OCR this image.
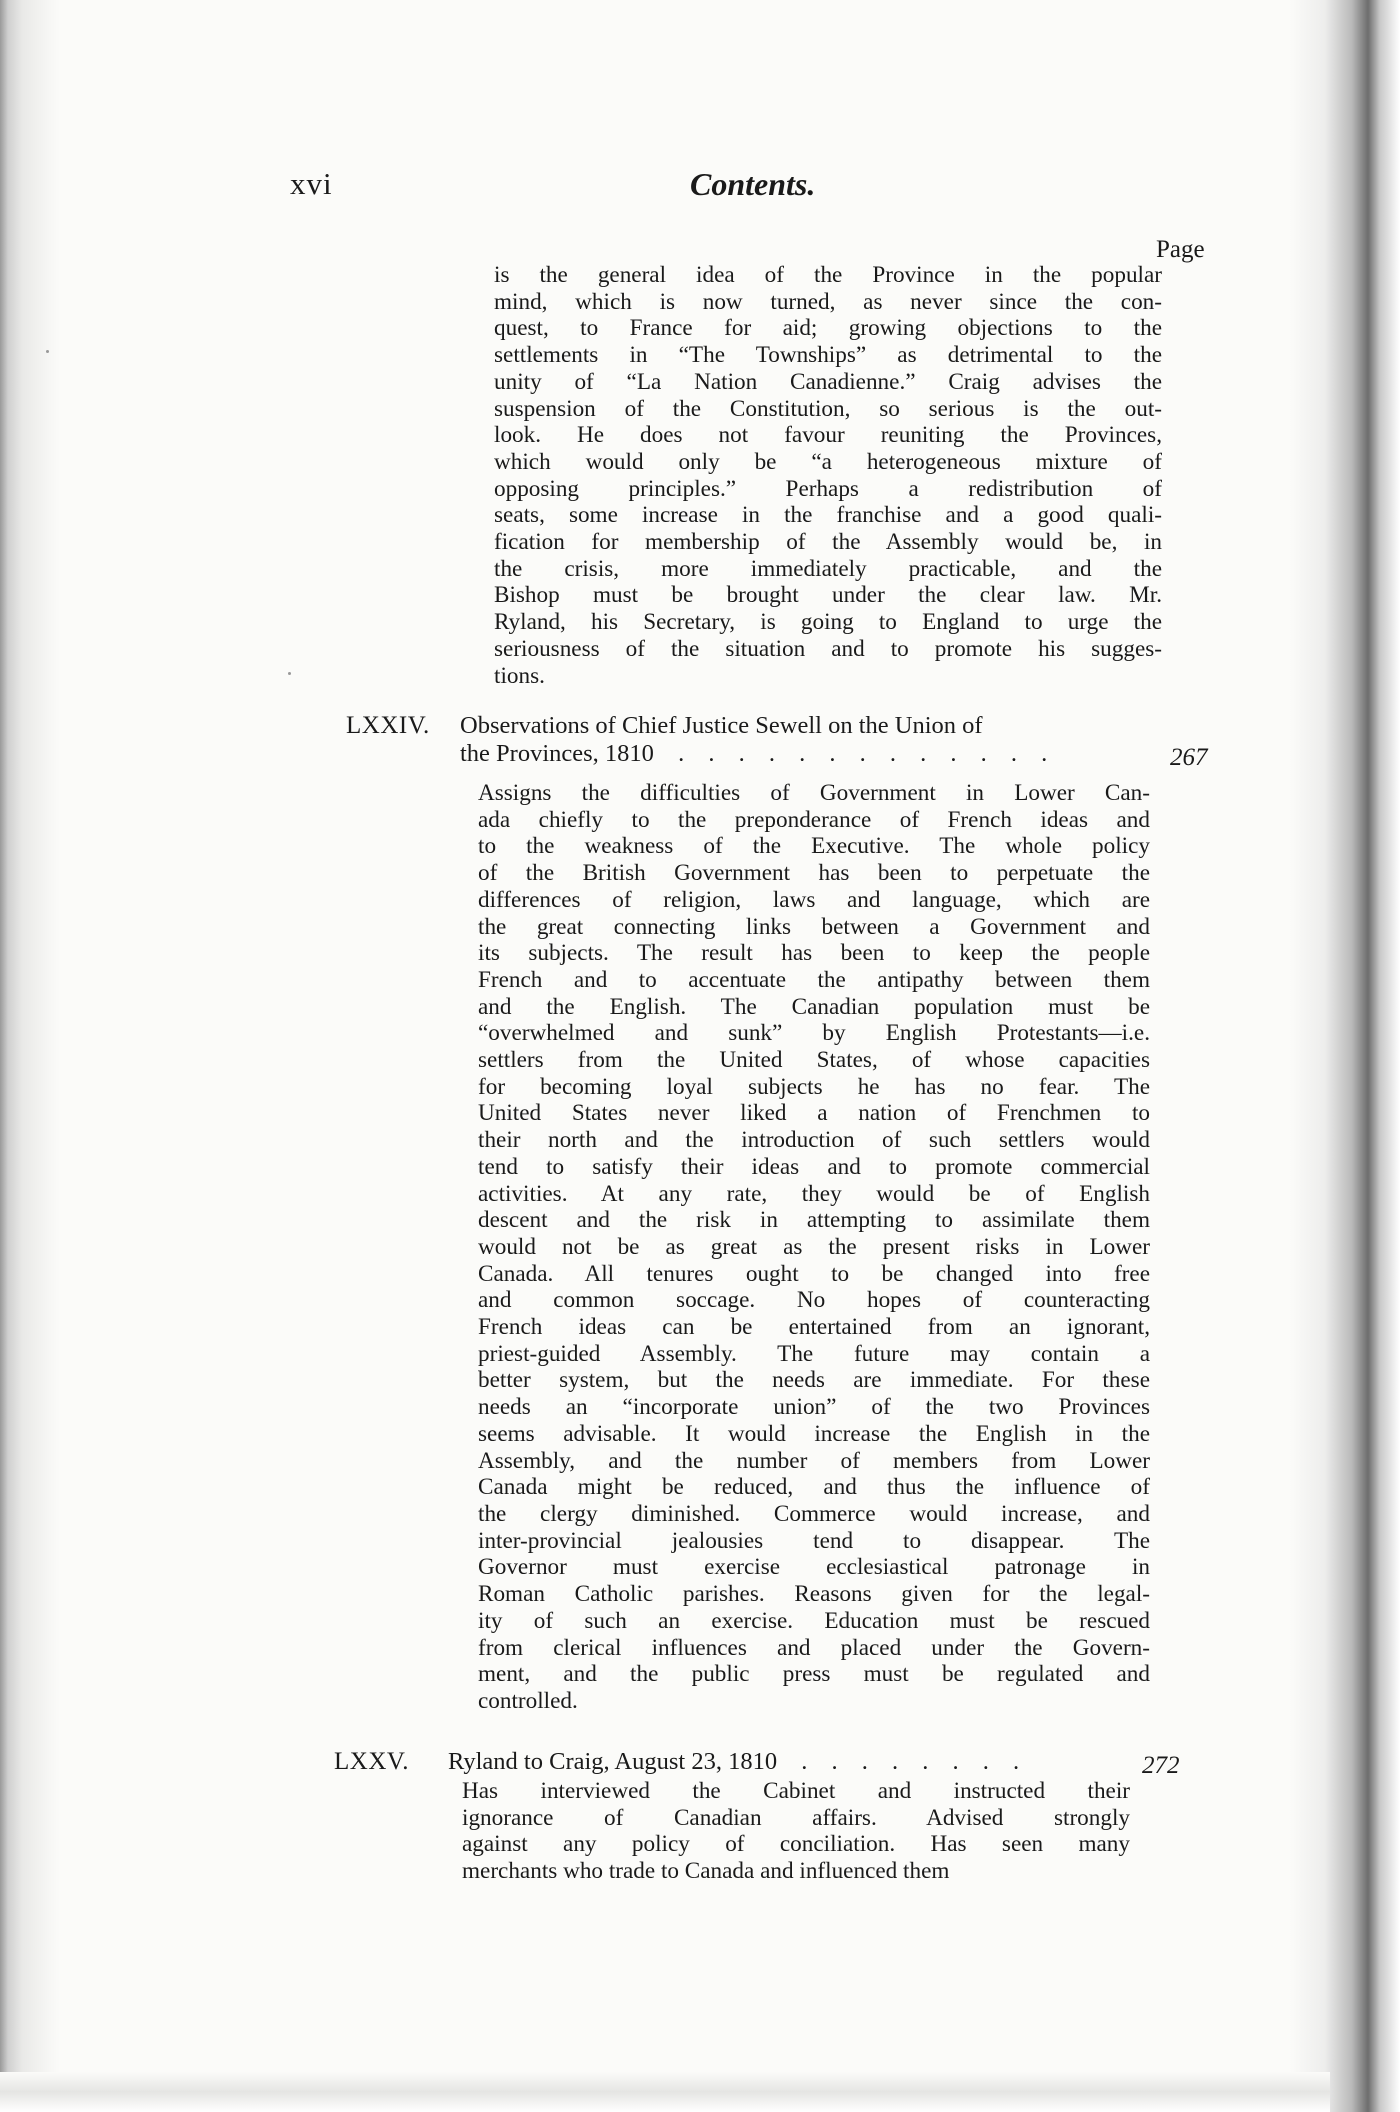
xvi	Contents.
Page
is the general idea of the Province in the popular
mind, which is now turned, as never since the con-
quest, to France for aid; growing objections to the
settlements in “The Townships” as detrimental to the
unity of “La Nation Canadienne.” Craig advises the
suspension of the Constitution, so serious is the out-
look. He does not favour reuniting the Provinces,
which would only be “a heterogeneous mixture of
opposing principles.” Perhaps a redistribution of
seats, some increase in the franchise and a good quali-
fication for membership of the Assembly would be, in
the crisis, more immediately practicable, and the
Bishop must be brought under the clear law. Mr.
Ryland, his Secretary, is going to England to urge the
seriousness of the situation and to promote his sugges-
tions.
LXXIV. Observations of Chief Justice Sewell on the Union of
the Provinces, 1810 . . . . . . . . . . . . .	267
Assigns the difficulties of Government in Lower Can-
ada chiefly to the preponderance of French ideas and
to the weakness of the Executive. The whole policy
of the British Government has been to perpetuate the
differences of religion, laws and language, which are
the great connecting links between a Government and
its subjects. The result has been to keep the people
French and to accentuate the antipathy between them
and the English. The Canadian population must be
“overwhelmed and sunk” by English Protestants—i.e.
settlers from the United States, of whose capacities
for becoming loyal subjects he has no fear. The
United States never liked a nation of Frenchmen to
their north and the introduction of such settlers would
tend to satisfy their ideas and to promote commercial
activities. At any rate, they would be of English
descent and the risk in attempting to assimilate them
would not be as great as the present risks in Lower
Canada. All tenures ought to be changed into free
and common soccage. No hopes of counteracting
French ideas can be entertained from an ignorant,
priest-guided Assembly. The future may contain a
better system, but the needs are immediate. For these
needs an “incorporate union” of the two Provinces
seems advisable. It would increase the English in the
Assembly, and the number of members from Lower
Canada might be reduced, and thus the influence of
the clergy diminished. Commerce would increase, and
inter-provincial jealousies tend to disappear. The
Governor must exercise ecclesiastical patronage in
Roman Catholic parishes. Reasons given for the legal-
ity of such an exercise. Education must be rescued
from clerical influences and placed under the Govern-
ment, and the public press must be regulated and
controlled.
LXXV. Ryland to Craig, August 23, 1810 . . . . . . . .	272
Has interviewed the Cabinet and instructed their
ignorance of Canadian affairs. Advised strongly
against any policy of conciliation. Has seen many
merchants who trade to Canada and influenced them
